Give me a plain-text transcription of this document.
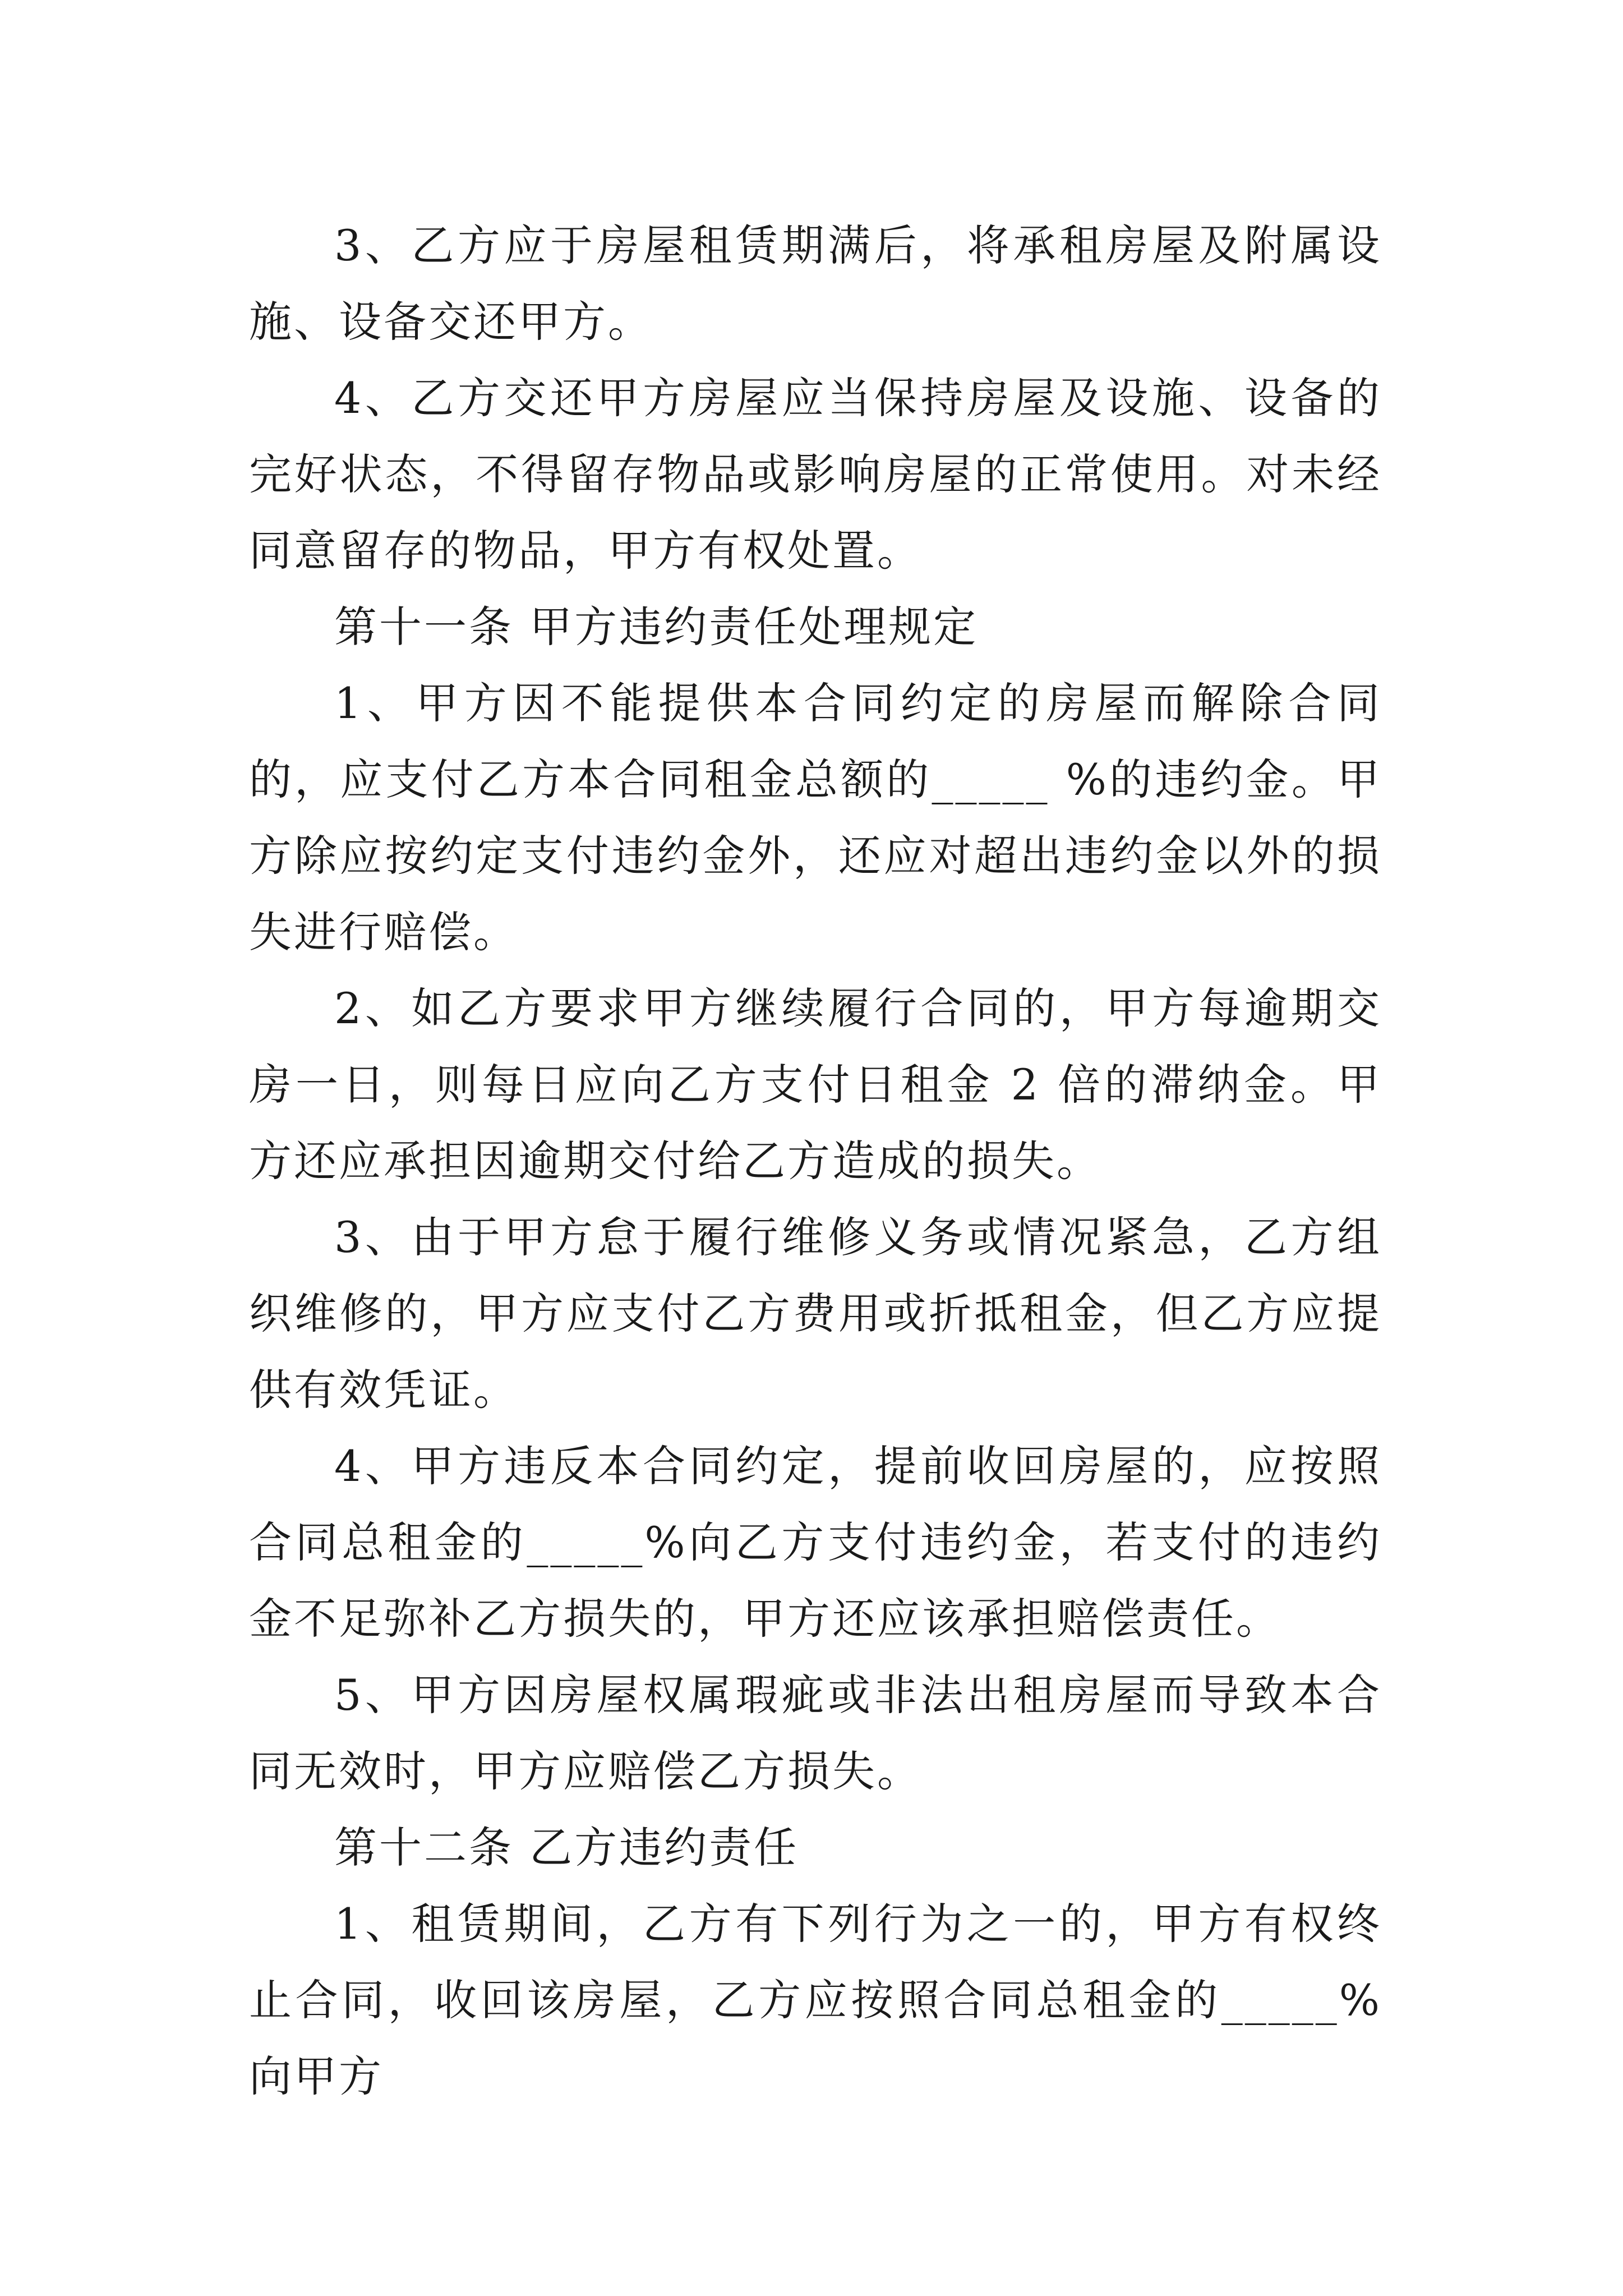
3、乙方应于房屋租赁期满后，将承租房屋及附属设施、设备交还甲方。

4、乙方交还甲方房屋应当保持房屋及设施、设备的完好状态，不得留存物品或影响房屋的正常使用。对未经同意留存的物品，甲方有权处置。

第十一条 甲方违约责任处理规定

1、甲方因不能提供本合同约定的房屋而解除合同的，应支付乙方本合同租金总额的_____ %的违约金。甲方除应按约定支付违约金外，还应对超出违约金以外的损失进行赔偿。

2、如乙方要求甲方继续履行合同的，甲方每逾期交房一日，则每日应向乙方支付日租金 2 倍的滞纳金。甲方还应承担因逾期交付给乙方造成的损失。

3、由于甲方怠于履行维修义务或情况紧急，乙方组织维修的，甲方应支付乙方费用或折抵租金，但乙方应提供有效凭证。

4、甲方违反本合同约定，提前收回房屋的，应按照合同总租金的_____%向乙方支付违约金，若支付的违约金不足弥补乙方损失的，甲方还应该承担赔偿责任。

5、甲方因房屋权属瑕疵或非法出租房屋而导致本合同无效时，甲方应赔偿乙方损失。

第十二条 乙方违约责任

1、租赁期间，乙方有下列行为之一的，甲方有权终止合同，收回该房屋，乙方应按照合同总租金的_____%向甲方
